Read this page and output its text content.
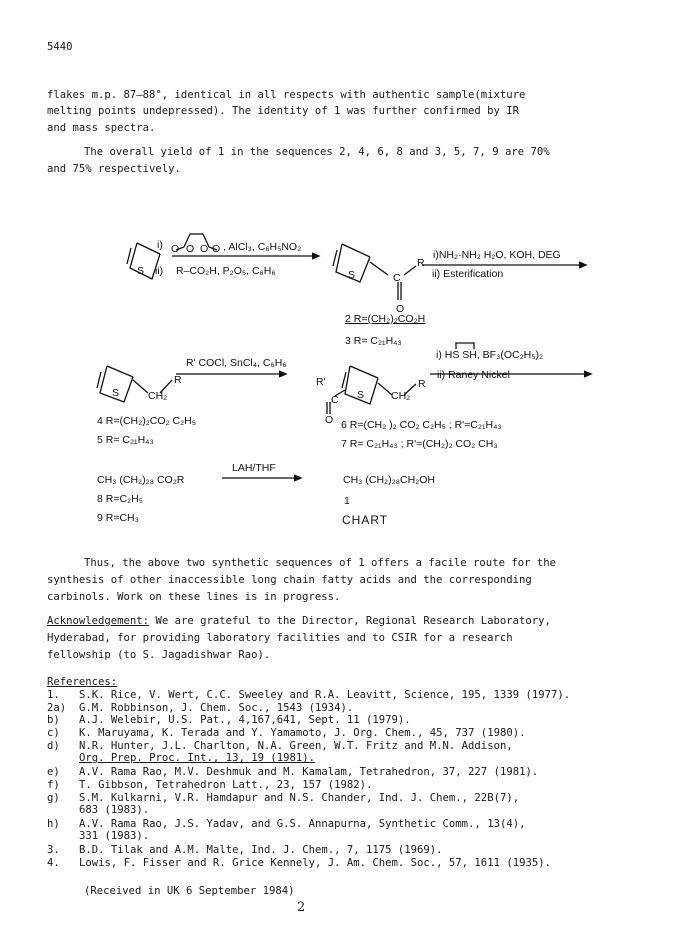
5440
flakes m.p. 87–88°, identical in all respects with authentic sample(mixture
melting points undepressed). The identity of 1 was further confirmed by IR
and mass spectra.
The overall yield of 1 in the sequences 2, 4, 6, 8 and 3, 5, 7, 9 are 70%
and 75% respectively.
S
O O
O	O
S	C
R
O
S	CH₂
R	R'
C
O
S	CH₂
R
i)	 , AlCl₃, C₆H₅NO₂
ii) R–CO₂H, P₂O₅, C₆H₆
i)NH₂·NH₂ H₂O, KOH, DEG
ii) Esterification
2 R=(CH₂)₂CO₂H
3 R= C₂₁H₄₃
R' COCl, SnCl₄, C₆H₆
i) HS SH, BF₃(OC₂H₅)₂
ii) Raney Nickel
4 R=(CH₂)₂CO₂ C₂H₅
5 R= C₂₁H₄₃
6 R=(CH₂ )₂ CO₂ C₂H₅ ; R'=C₂₁H₄₃
7 R= C₂₁H₄₃ ; R'=(CH₂)₂ CO₂ CH₃
CH₃ (CH₂)₂₈ CO₂R
LAH/THF
CH₃ (CH₂)₂₈CH₂OH
8 R=C₂H₅
9 R=CH₃
1
CHART
Thus, the above two synthetic sequences of 1 offers a facile route for the
synthesis of other inaccessible long chain fatty acids and the corresponding
carbinols. Work on these lines is in progress.
Acknowledgement: We are grateful to the Director, Regional Research Laboratory,
Hyderabad, for providing laboratory facilities and to CSIR for a research
fellowship (to S. Jagadishwar Rao).
References:
1. S.K. Rice, V. Wert, C.C. Sweeley and R.A. Leavitt, Science, 195, 1339 (1977).
2a) G.M. Robbinson, J. Chem. Soc., 1543 (1934).
b) A.J. Welebir, U.S. Pat., 4,167,641, Sept. 11 (1979).
c) K. Maruyama, K. Terada and Y. Yamamoto, J. Org. Chem., 45, 737 (1980).
d) N.R. Hunter, J.L. Charlton, N.A. Green, W.T. Fritz and M.N. Addison,
Org. Prep. Proc. Int., 13, 19 (1981).
e) A.V. Rama Rao, M.V. Deshmuk and M. Kamalam, Tetrahedron, 37, 227 (1981).
f) T. Gibbson, Tetrahedron Latt., 23, 157 (1982).
g) S.M. Kulkarni, V.R. Hamdapur and N.S. Chander, Ind. J. Chem., 22B(7),
683 (1983).
h) A.V. Rama Rao, J.S. Yadav, and G.S. Annapurna, Synthetic Comm., 13(4),
331 (1983).
3. B.D. Tilak and A.M. Malte, Ind. J. Chem., 7, 1175 (1969).
4. Lowis, F. Fisser and R. Grice Kennely, J. Am. Chem. Soc., 57, 1611 (1935).
(Received in UK 6 September 1984)
2
